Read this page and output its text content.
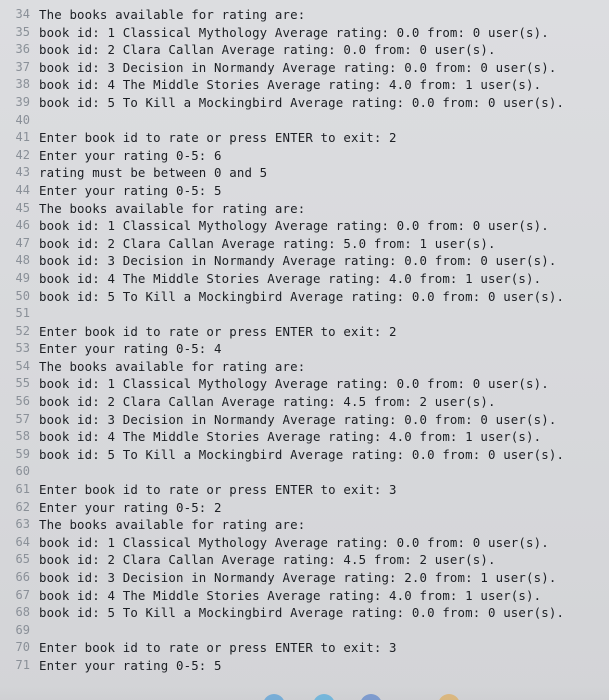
34 The books available for rating are:
35 book id: 1 Classical Mythology Average rating: 0.0 from: 0 user(s).
36 book id: 2 Clara Callan Average rating: 0.0 from: 0 user(s).
37 book id: 3 Decision in Normandy Average rating: 0.0 from: 0 user(s).
38 book id: 4 The Middle Stories Average rating: 4.0 from: 1 user(s).
39 book id: 5 To Kill a Mockingbird Average rating: 0.0 from: 0 user(s).
40
41 Enter book id to rate or press ENTER to exit: 2
42 Enter your rating 0-5: 6
43 rating must be between 0 and 5
44 Enter your rating 0-5: 5
45 The books available for rating are:
46 book id: 1 Classical Mythology Average rating: 0.0 from: 0 user(s).
47 book id: 2 Clara Callan Average rating: 5.0 from: 1 user(s).
48 book id: 3 Decision in Normandy Average rating: 0.0 from: 0 user(s).
49 book id: 4 The Middle Stories Average rating: 4.0 from: 1 user(s).
50 book id: 5 To Kill a Mockingbird Average rating: 0.0 from: 0 user(s).
51
52 Enter book id to rate or press ENTER to exit: 2
53 Enter your rating 0-5: 4
54 The books available for rating are:
55 book id: 1 Classical Mythology Average rating: 0.0 from: 0 user(s).
56 book id: 2 Clara Callan Average rating: 4.5 from: 2 user(s).
57 book id: 3 Decision in Normandy Average rating: 0.0 from: 0 user(s).
58 book id: 4 The Middle Stories Average rating: 4.0 from: 1 user(s).
59 book id: 5 To Kill a Mockingbird Average rating: 0.0 from: 0 user(s).
60
61 Enter book id to rate or press ENTER to exit: 3
62 Enter your rating 0-5: 2
63 The books available for rating are:
64 book id: 1 Classical Mythology Average rating: 0.0 from: 0 user(s).
65 book id: 2 Clara Callan Average rating: 4.5 from: 2 user(s).
66 book id: 3 Decision in Normandy Average rating: 2.0 from: 1 user(s).
67 book id: 4 The Middle Stories Average rating: 4.0 from: 1 user(s).
68 book id: 5 To Kill a Mockingbird Average rating: 0.0 from: 0 user(s).
69
70 Enter book id to rate or press ENTER to exit: 3
71 Enter your rating 0-5: 5
